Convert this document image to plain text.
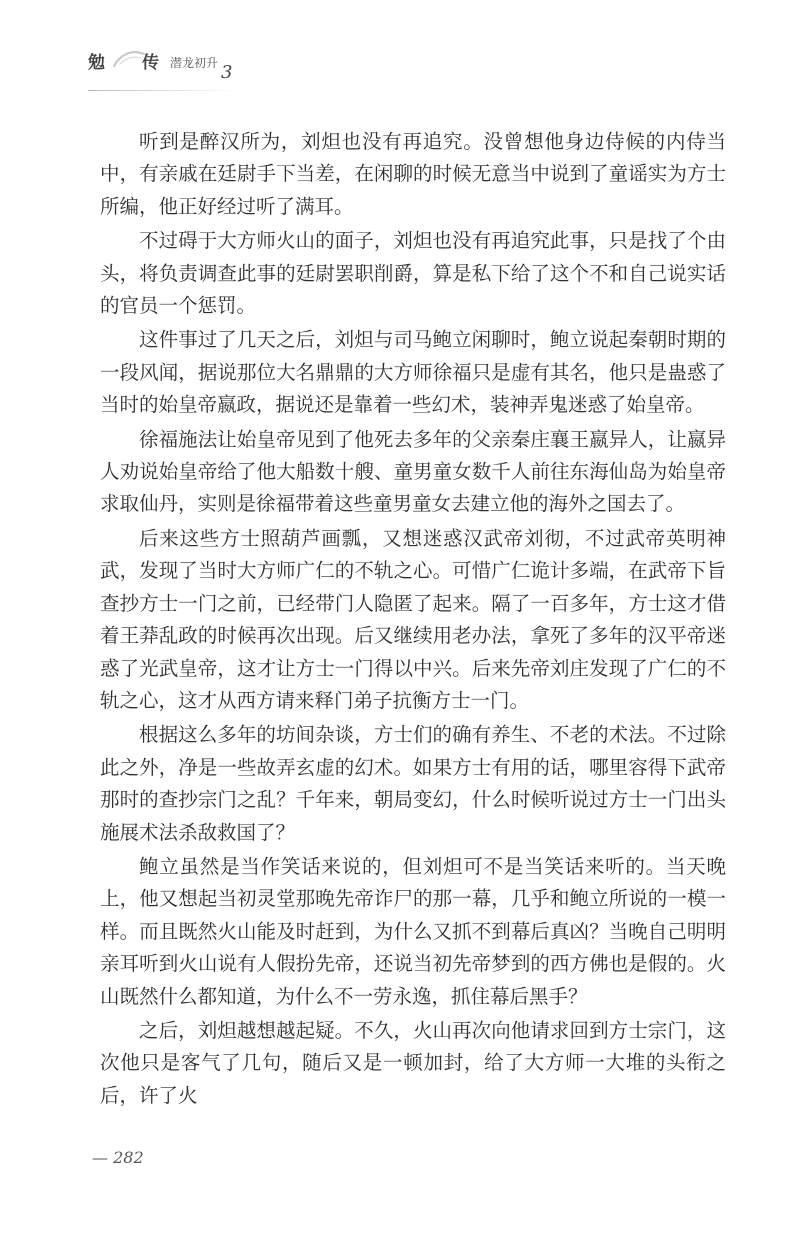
勉 传 潜龙初升 3

听到是醉汉所为，刘炟也没有再追究。没曾想他身边侍候的内侍当中，有亲戚在廷尉手下当差，在闲聊的时候无意当中说到了童谣实为方士所编，他正好经过听了满耳。

不过碍于大方师火山的面子，刘炟也没有再追究此事，只是找了个由头，将负责调查此事的廷尉罢职削爵，算是私下给了这个不和自己说实话的官员一个惩罚。

这件事过了几天之后，刘炟与司马鲍立闲聊时，鲍立说起秦朝时期的一段风闻，据说那位大名鼎鼎的大方师徐福只是虚有其名，他只是蛊惑了当时的始皇帝嬴政，据说还是靠着一些幻术，装神弄鬼迷惑了始皇帝。

徐福施法让始皇帝见到了他死去多年的父亲秦庄襄王嬴异人，让嬴异人劝说始皇帝给了他大船数十艘、童男童女数千人前往东海仙岛为始皇帝求取仙丹，实则是徐福带着这些童男童女去建立他的海外之国去了。

后来这些方士照葫芦画瓢，又想迷惑汉武帝刘彻，不过武帝英明神武，发现了当时大方师广仁的不轨之心。可惜广仁诡计多端，在武帝下旨查抄方士一门之前，已经带门人隐匿了起来。隔了一百多年，方士这才借着王莽乱政的时候再次出现。后又继续用老办法，拿死了多年的汉平帝迷惑了光武皇帝，这才让方士一门得以中兴。后来先帝刘庄发现了广仁的不轨之心，这才从西方请来释门弟子抗衡方士一门。

根据这么多年的坊间杂谈，方士们的确有养生、不老的术法。不过除此之外，净是一些故弄玄虚的幻术。如果方士有用的话，哪里容得下武帝那时的查抄宗门之乱？千年来，朝局变幻，什么时候听说过方士一门出头施展术法杀敌救国了？

鲍立虽然是当作笑话来说的，但刘炟可不是当笑话来听的。当天晚上，他又想起当初灵堂那晚先帝诈尸的那一幕，几乎和鲍立所说的一模一样。而且既然火山能及时赶到，为什么又抓不到幕后真凶？当晚自己明明亲耳听到火山说有人假扮先帝，还说当初先帝梦到的西方佛也是假的。火山既然什么都知道，为什么不一劳永逸，抓住幕后黑手？

之后，刘炟越想越起疑。不久，火山再次向他请求回到方士宗门，这次他只是客气了几句，随后又是一顿加封，给了大方师一大堆的头衔之后，许了火

— 282
